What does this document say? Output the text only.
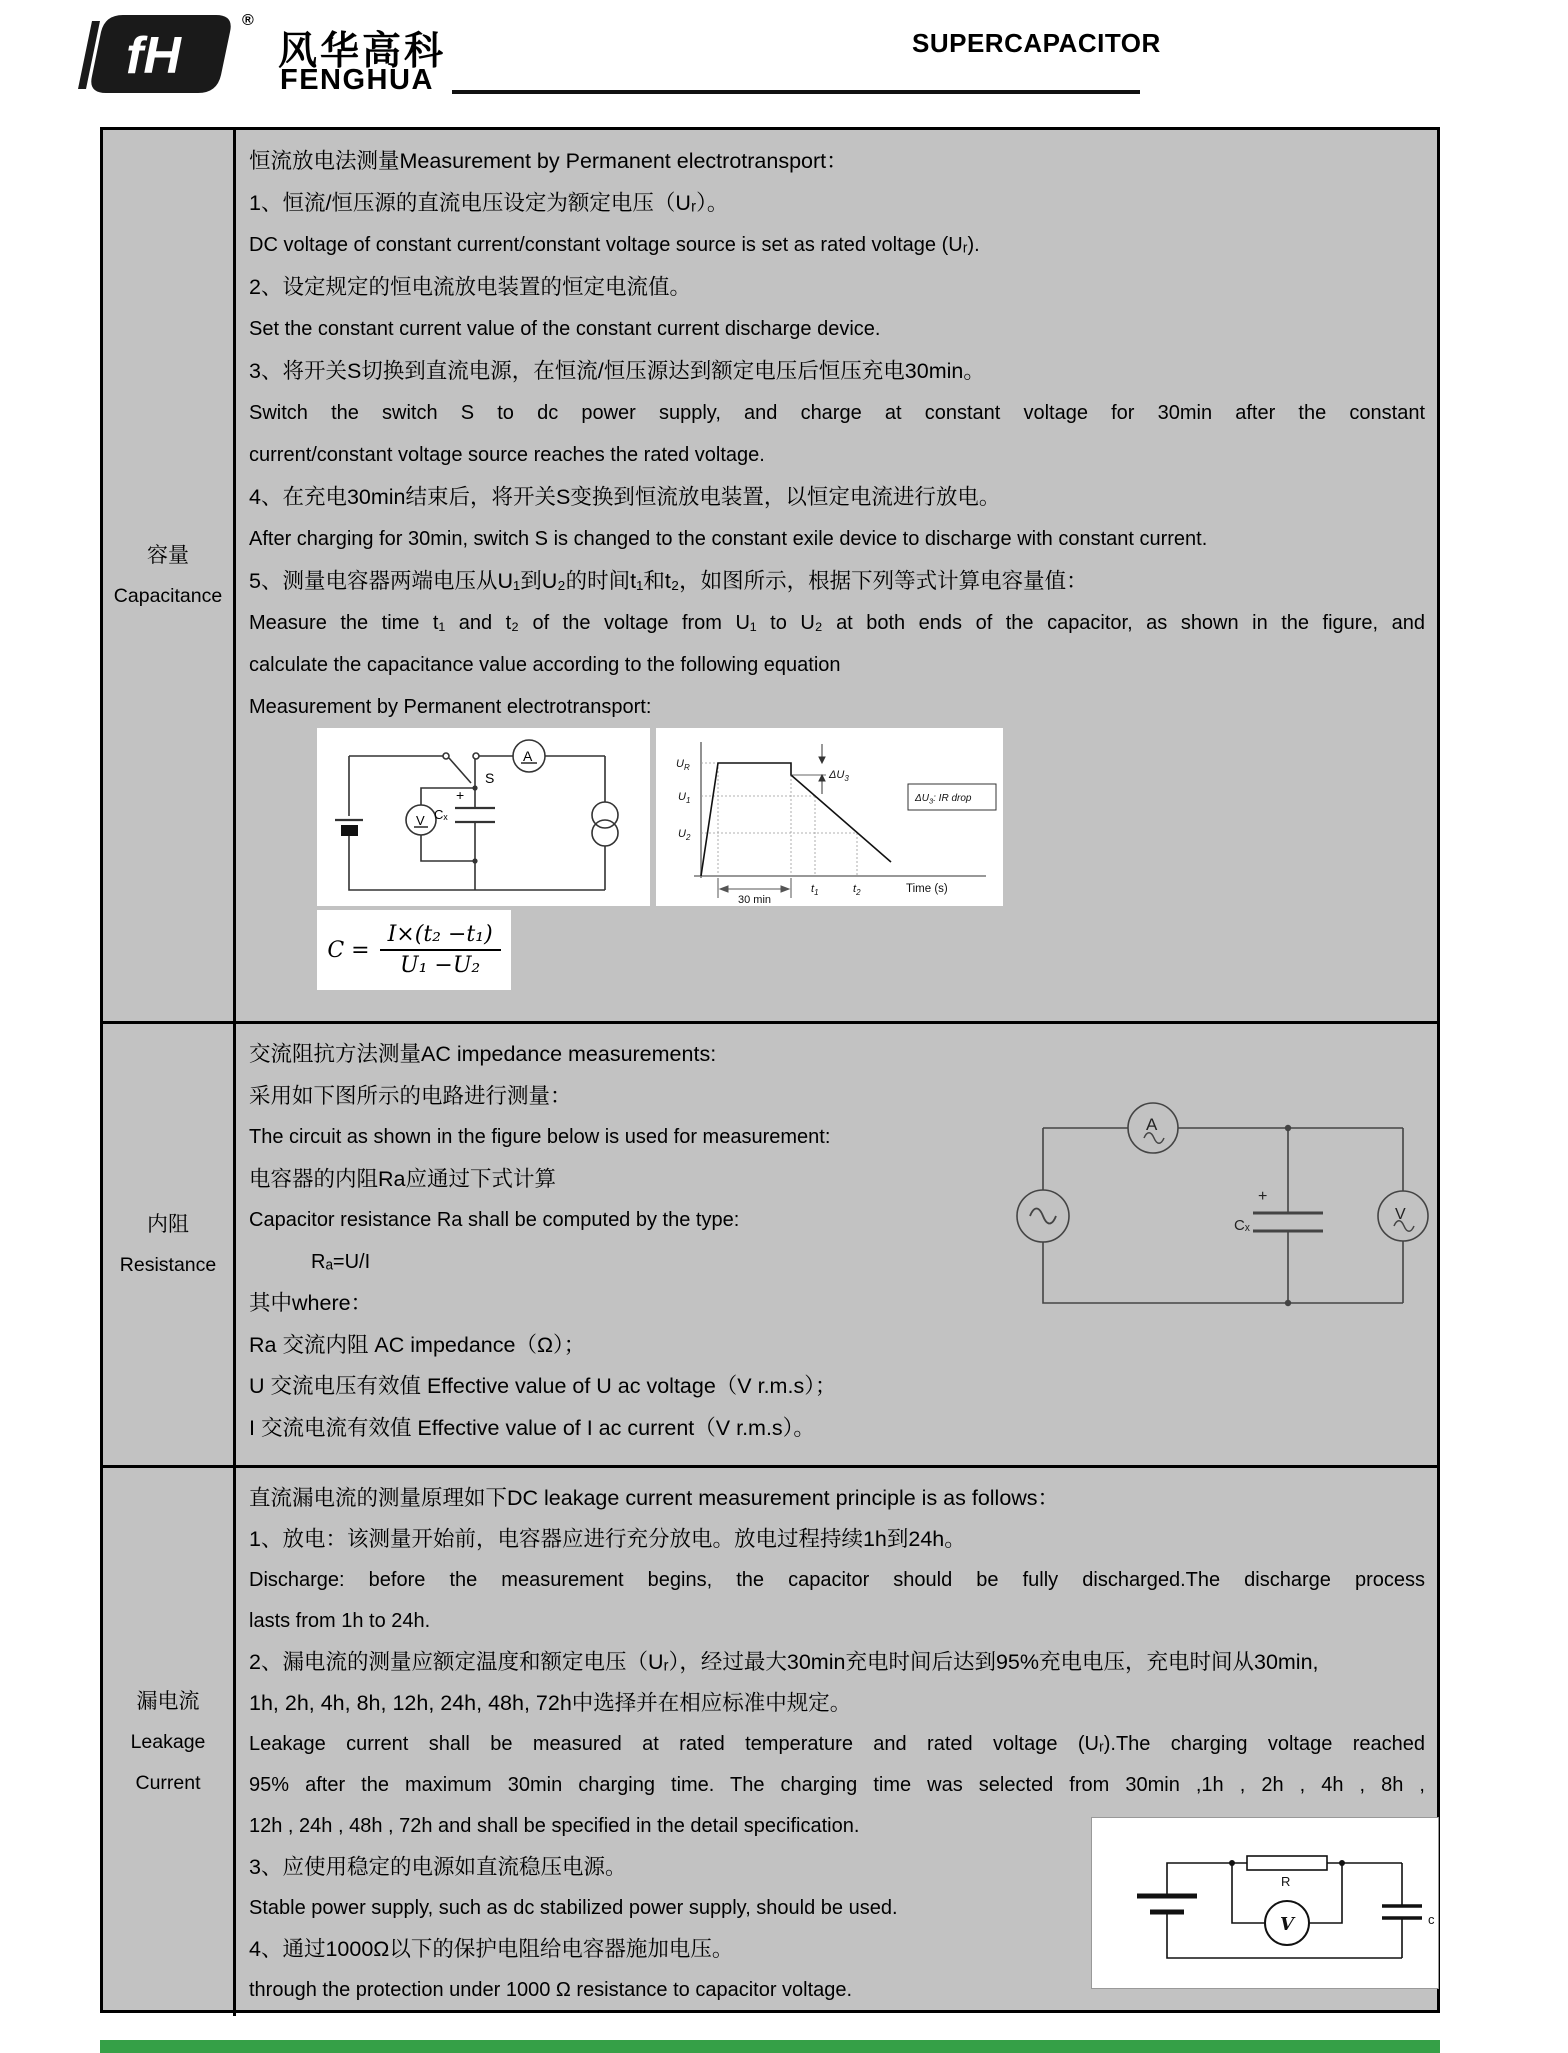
fH
®
风华高科
FENGHUA
SUPERCAPACITOR
容量
Capacitance

恒流放电法测量Measurement by Permanent electrotransport：

1、恒流/恒压源的直流电压设定为额定电压（Uᵣ）。

DC voltage of constant current/constant voltage source is set as rated voltage (Uᵣ).

2、设定规定的恒电流放电装置的恒定电流值。

Set the constant current value of the constant current discharge device.

3、将开关S切换到直流电源，在恒流/恒压源达到额定电压后恒压充电30min。

Switch the switch S to dc power supply, and charge at constant voltage for 30min after the constant

current/constant voltage source reaches the rated voltage.

4、在充电30min结束后，将开关S变换到恒流放电装置，以恒定电流进行放电。

After charging for 30min, switch S is changed to the constant exile device to discharge with constant current.

5、测量电容器两端电压从U₁到U₂的时间t₁和t₂，如图所示，根据下列等式计算电容量值：

Measure the time t₁ and t₂ of the voltage from U₁ to U₂ at both ends of the capacitor, as shown in the figure, and

calculate the capacitance value according to the following equation

Measurement by Permanent electrotransport:

A
V
S
Cₓ
+
$U_R$
$U_1$
$U_2$
$\Delta U_3$
$\Delta U_3$: IR drop
$t_1$	$t_2$	Time (s)
30 min
$C = \frac{\text{I×(t₂ −t₁)}}{\text{U₁ −U₂}}$
内阻
Resistance

交流阻抗方法测量AC impedance measurements:

采用如下图所示的电路进行测量：

The circuit as shown in the figure below is used for measurement:

电容器的内阻Ra应通过下式计算

Capacitor resistance Ra shall be computed by the type:

Rₐ=U/I

其中where：

Ra 交流内阻 AC impedance（Ω）；

U 交流电压有效值 Effective value of U ac voltage（V r.m.s）；

I 交流电流有效值 Effective value of I ac current（V r.m.s）。

A
V
Cₓ
+
漏电流
Leakage
Current

直流漏电流的测量原理如下DC leakage current measurement principle is as follows：

1、放电：该测量开始前，电容器应进行充分放电。放电过程持续1h到24h。

Discharge: before the measurement begins, the capacitor should be fully discharged.The discharge process

lasts from 1h to 24h.

2、漏电流的测量应额定温度和额定电压（Uᵣ），经过最大30min充电时间后达到95%充电电压，充电时间从30min,

1h, 2h, 4h, 8h, 12h, 24h, 48h, 72h中选择并在相应标准中规定。

Leakage current shall be measured at rated temperature and rated voltage (Uᵣ).The charging voltage reached

95% after the maximum 30min charging time. The charging time was selected from 30min ,1h , 2h , 4h , 8h ,

12h , 24h , 48h , 72h and shall be specified in the detail specification.

3、应使用稳定的电源如直流稳压电源。

Stable power supply, such as dc stabilized power supply, should be used.

4、通过1000Ω以下的保护电阻给电容器施加电压。

through the protection under 1000 Ω resistance to capacitor voltage.

R
V	c
